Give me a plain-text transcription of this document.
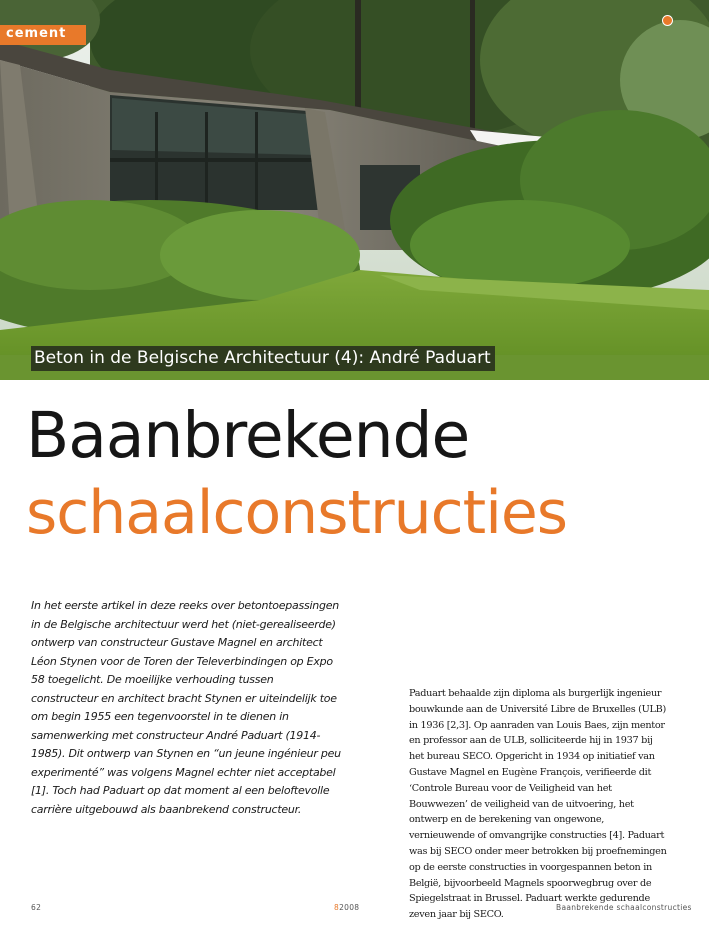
cement
Beton in de Belgische Architectuur (4): André Paduart
Baanbrekende
schaalconstructies

In het eerste artikel in deze reeks over betontoepassingen in de Belgische architectuur werd het (niet-gerealiseerde) ontwerp van constructeur Gustave Magnel en architect Léon Stynen voor de Toren der Televerbindingen op Expo 58 toegelicht. De moeilijke verhouding tussen constructeur en architect bracht Stynen er uiteindelijk toe om begin 1955 een tegenvoorstel in te dienen in samenwerking met constructeur André Paduart (1914-1985). Dit ontwerp van Stynen en “un jeune ingénieur peu experimenté” was volgens Magnel echter niet acceptabel [1]. Toch had Paduart op dat moment al een beloftevolle carrière uitgebouwd als baanbrekend constructeur.

Paduart behaalde zijn diploma als burgerlijk ingenieur bouwkunde aan de Université Libre de Bruxelles (ULB) in 1936 [2,3]. Op aanraden van Louis Baes, zijn mentor en professor aan de ULB, solliciteerde hij in 1937 bij het bureau SECO. Opgericht in 1934 op initiatief van Gustave Magnel en Eugène François, verifieerde dit ‘Controle Bureau voor de Veiligheid van het Bouwwezen’ de veiligheid van de uitvoering, het ontwerp en de berekening van ongewone, vernieuwende of omvangrijke constructies [4]. Paduart was bij SECO onder meer betrokken bij proefnemingen op de eerste constructies in voorgespannen beton in België, bijvoorbeeld Magnels spoorwegbrug over de Spiegelstraat in Brussel. Paduart werkte gedurende zeven jaar bij SECO.

62	82008	Baanbrekende schaalconstructies
